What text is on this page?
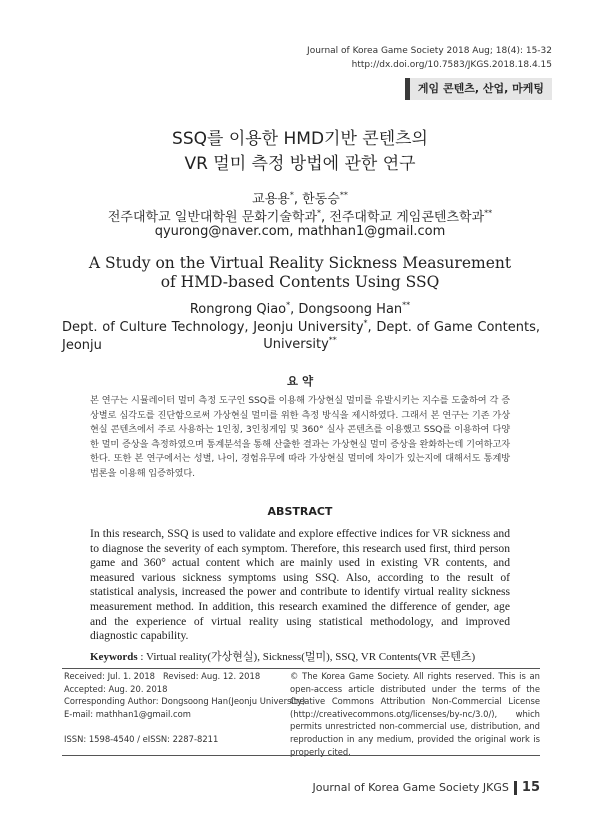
Journal of Korea Game Society 2018 Aug; 18(4): 15-32
http://dx.doi.org/10.7583/JKGS.2018.18.4.15
게임 콘텐츠, 산업, 마케팅
SSQ를 이용한 HMD기반 콘텐츠의
VR 멀미 측정 방법에 관한 연구
교용용*, 한동승**
전주대학교 일반대학원 문화기술학과*, 전주대학교 게임콘텐츠학과**
qyurong@naver.com, mathhan1@gmail.com
A Study on the Virtual Reality Sickness Measurement
of HMD-based Contents Using SSQ
Rongrong Qiao*, Dongsoong Han**
Dept. of Culture Technology, Jeonju University*, Dept. of Game Contents, Jeonju	University**
요 약
본 연구는 시뮬레이터 멀미 측정 도구인 SSQ를 이용해 가상현실 멀미를 유발시키는 지수를 도출하여 각 증상별로 심각도를 진단함으로써 가상현실 멀미를 위한 측정 방식을 제시하였다. 그래서 본 연구는 기존 가상현실 콘텐츠에서 주로 사용하는 1인칭, 3인칭게임 및 360° 실사 콘텐츠를 이용했고 SSQ를 이용하여 다양한 멀미 증상을 측정하였으며 통계분석을 통해 산출한 결과는 가상현실 멀미 증상을 완화하는데 기여하고자 한다. 또한 본 연구에서는 성별, 나이, 경험유무에 따라 가상현실 멀미에 차이가 있는지에 대해서도 통계방법론을 이용해 입증하였다.
ABSTRACT
In this research, SSQ is used to validate and explore effective indices for VR sickness and to diagnose the severity of each symptom. Therefore, this research used first, third person game and 360° actual content which are mainly used in existing VR contents, and measured various sickness symptoms using SSQ. Also, according to the result of statistical analysis, increased the power and contribute to identify virtual reality sickness measurement method. In addition, this research examined the difference of gender, age and the experience of virtual reality using statistical methodology, and improved diagnostic capability.
Keywords : Virtual reality(가상현실), Sickness(멀미), SSQ, VR Contents(VR 콘텐츠)
Received: Jul. 1. 2018 Revised: Aug. 12. 2018
Accepted: Aug. 20. 2018
Corresponding Author: Dongsoong Han(Jeonju University)
E-mail: mathhan1@gmail.com
ISSN: 1598-4540 / eISSN: 2287-8211
© The Korea Game Society. All rights reserved. This is an open-access article distributed under the terms of the Creative Commons Attribution Non-Commercial License (http://creativecommons.otg/licenses/by-nc/3.0/), which permits unrestricted non-commercial use, distribution, and reproduction in any medium, provided the original work is properly cited.
Journal of Korea Game Society JKGS 15
